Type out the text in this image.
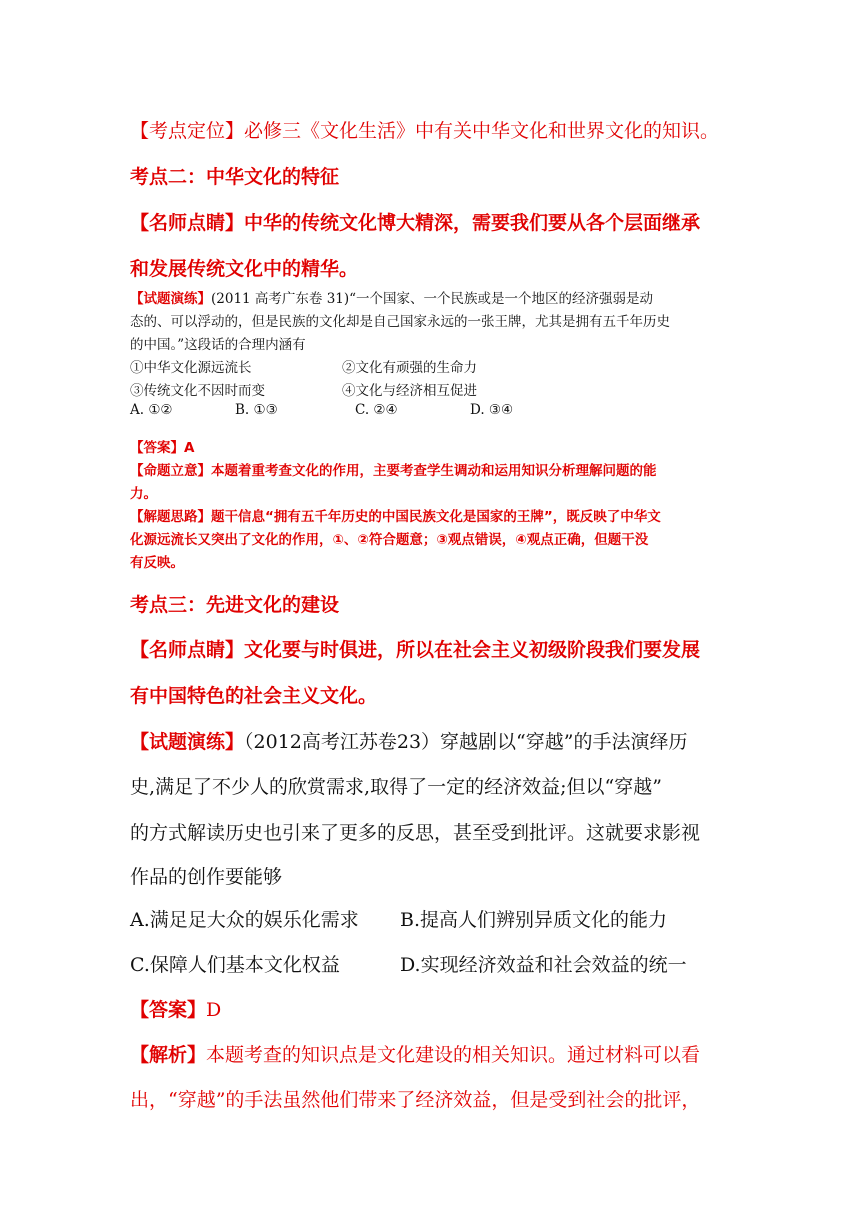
【考点定位】必修三《文化生活》中有关中华文化和世界文化的知识。
考点二：中华文化的特征
【名师点睛】中华的传统文化博大精深，需要我们要从各个层面继承
和发展传统文化中的精华。
【试题演练】(2011 高考广东卷 31)“一个国家、一个民族或是一个地区的经济强弱是动
态的、可以浮动的，但是民族的文化却是自己国家永远的一张王牌，尤其是拥有五千年历史
的中国。”这段话的合理内涵有
①中华文化源远流长	②文化有顽强的生命力
③传统文化不因时而变	④文化与经济相互促进
A. ①②	B. ①③	C. ②④	D. ③④
【答案】A
【命题立意】本题着重考查文化的作用，主要考查学生调动和运用知识分析理解问题的能
力。
【解题思路】题干信息“拥有五千年历史的中国民族文化是国家的王牌”，既反映了中华文
化源远流长又突出了文化的作用，①、②符合题意；③观点错误，④观点正确，但题干没
有反映。
考点三：先进文化的建设
【名师点睛】文化要与时俱进，所以在社会主义初级阶段我们要发展
有中国特色的社会主义文化。
【试题演练】（2012高考江苏卷23）穿越剧以“穿越”的手法演绎历
史,满足了不少人的欣赏需求,取得了一定的经济效益;但以“穿越”
的方式解读历史也引来了更多的反思，甚至受到批评。这就要求影视
作品的创作要能够
A.满足足大众的娱乐化需求 B.提高人们辨别异质文化的能力
C.保障人们基本文化权益	D.实现经济效益和社会效益的统一
【答案】D
【解析】本题考查的知识点是文化建设的相关知识。通过材料可以看
出，“穿越”的手法虽然他们带来了经济效益，但是受到社会的批评，
